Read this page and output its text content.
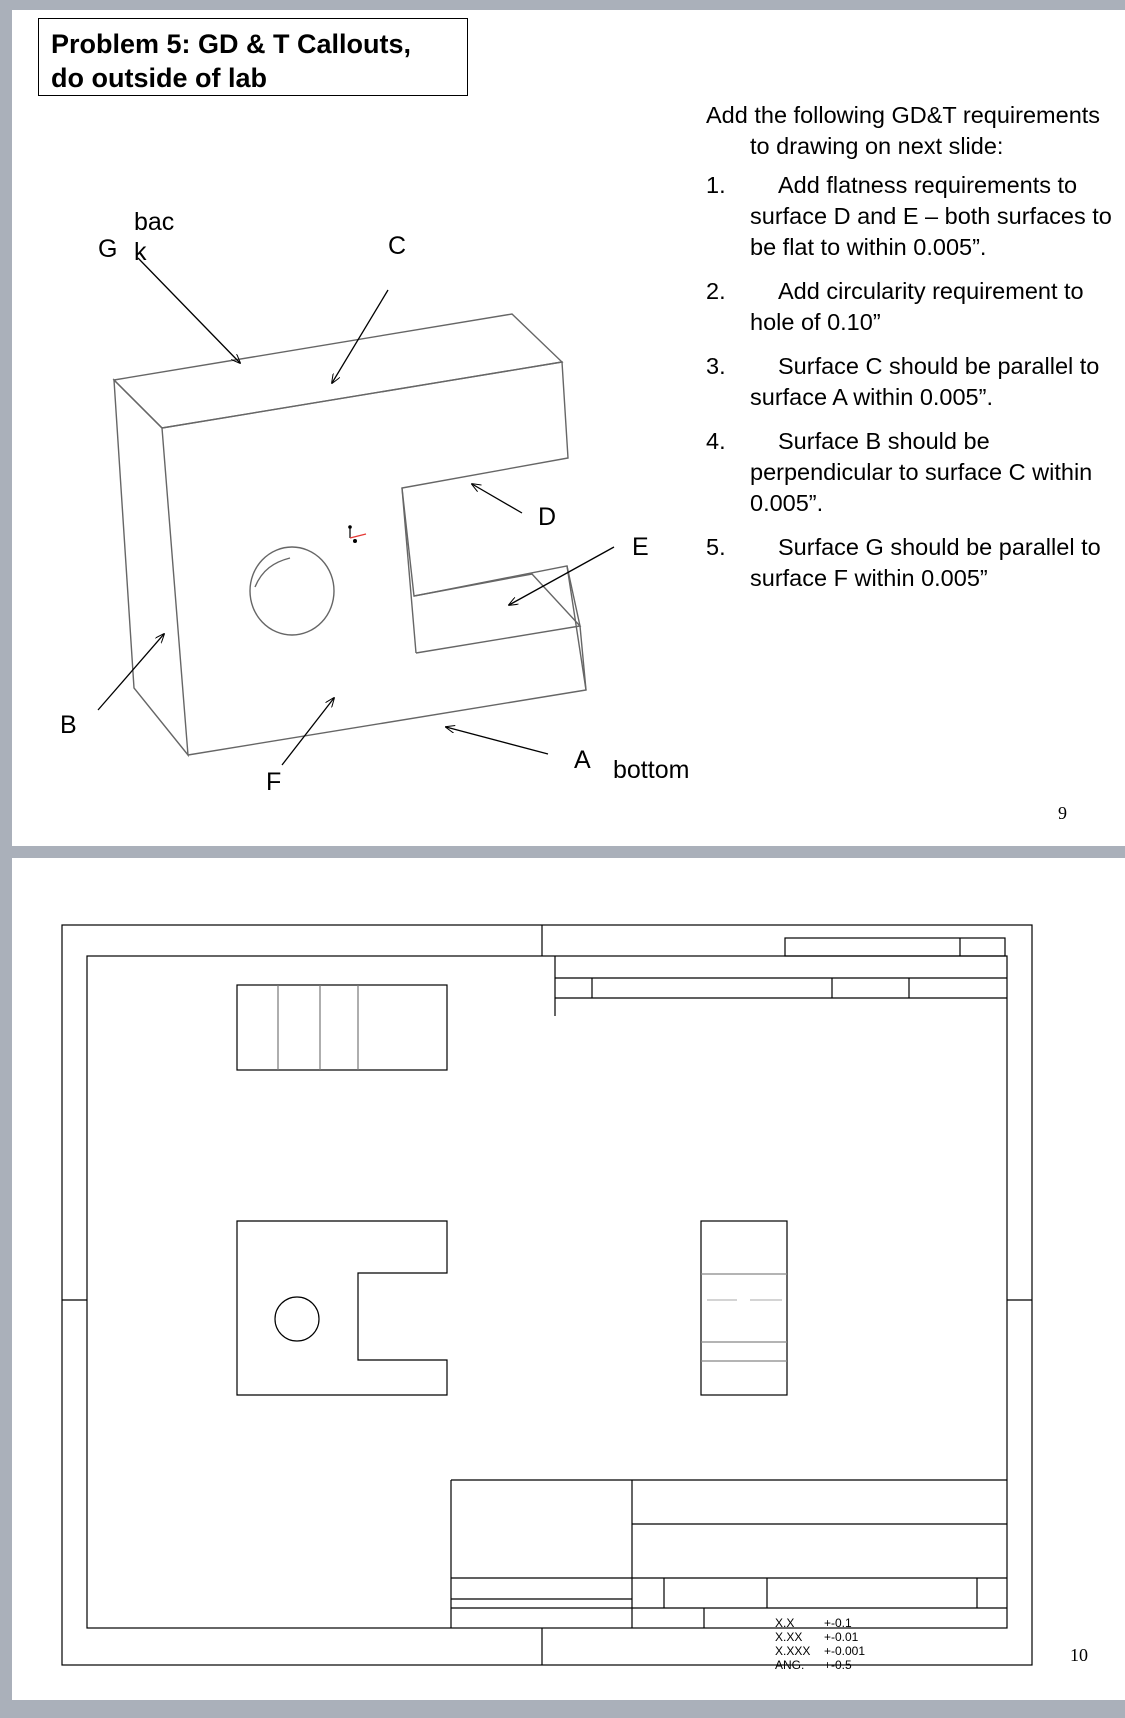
Problem 5: GD & T Callouts,
do outside of lab
G
bac
k	C
D
E
B
F
A bottom
Add the following GD&T requirements to drawing on next slide:
1.	Add flatness requirements to surface D and E – both surfaces to be flat to within 0.005”.
2.	Add circularity requirement to hole of 0.10”
3.	Surface C should be parallel to surface A within 0.005”.
4.	Surface B should be perpendicular to surface C within 0.005”.
5.	Surface G should be parallel to surface F within 0.005”
9
X.X +-0.1
X.XX +-0.01
X.XXX +-0.001
ANG. +-0.5	10
